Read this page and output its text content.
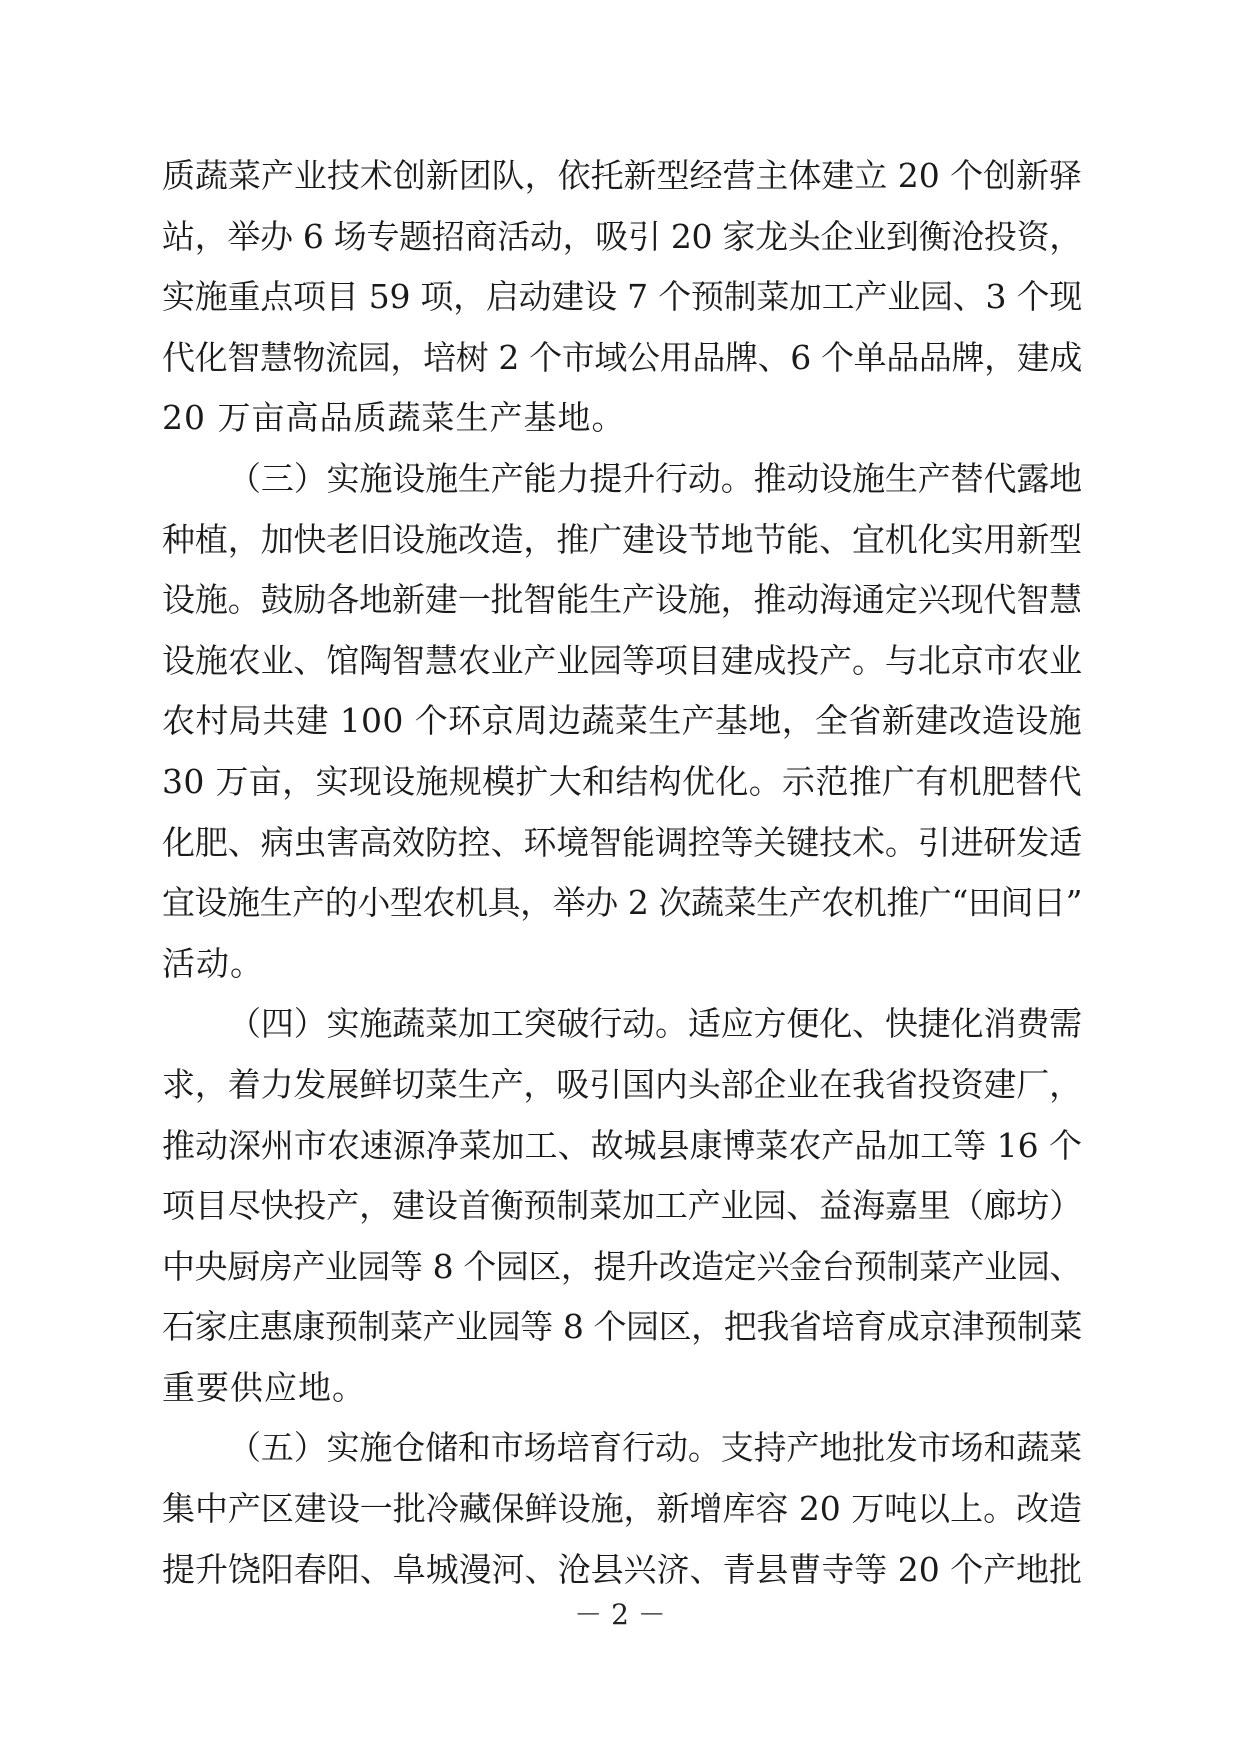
质蔬菜产业技术创新团队，依托新型经营主体建立 20 个创新驿
站，举办 6 场专题招商活动，吸引 20 家龙头企业到衡沧投资，
实施重点项目 59 项，启动建设 7 个预制菜加工产业园、3 个现
代化智慧物流园，培树 2 个市域公用品牌、6 个单品品牌，建成
20 万亩高品质蔬菜生产基地。
（三）实施设施生产能力提升行动。推动设施生产替代露地
种植，加快老旧设施改造，推广建设节地节能、宜机化实用新型
设施。鼓励各地新建一批智能生产设施，推动海通定兴现代智慧
设施农业、馆陶智慧农业产业园等项目建成投产。与北京市农业
农村局共建 100 个环京周边蔬菜生产基地，全省新建改造设施
30 万亩，实现设施规模扩大和结构优化。示范推广有机肥替代
化肥、病虫害高效防控、环境智能调控等关键技术。引进研发适
宜设施生产的小型农机具，举办 2 次蔬菜生产农机推广“田间日”
活动。
（四）实施蔬菜加工突破行动。适应方便化、快捷化消费需
求，着力发展鲜切菜生产，吸引国内头部企业在我省投资建厂，
推动深州市农速源净菜加工、故城县康博菜农产品加工等 16 个
项目尽快投产，建设首衡预制菜加工产业园、益海嘉里（廊坊）
中央厨房产业园等 8 个园区，提升改造定兴金台预制菜产业园、
石家庄惠康预制菜产业园等 8 个园区，把我省培育成京津预制菜
重要供应地。
（五）实施仓储和市场培育行动。支持产地批发市场和蔬菜
集中产区建设一批冷藏保鲜设施，新增库容 20 万吨以上。改造
提升饶阳春阳、阜城漫河、沧县兴济、青县曹寺等 20 个产地批
－ 2 －
